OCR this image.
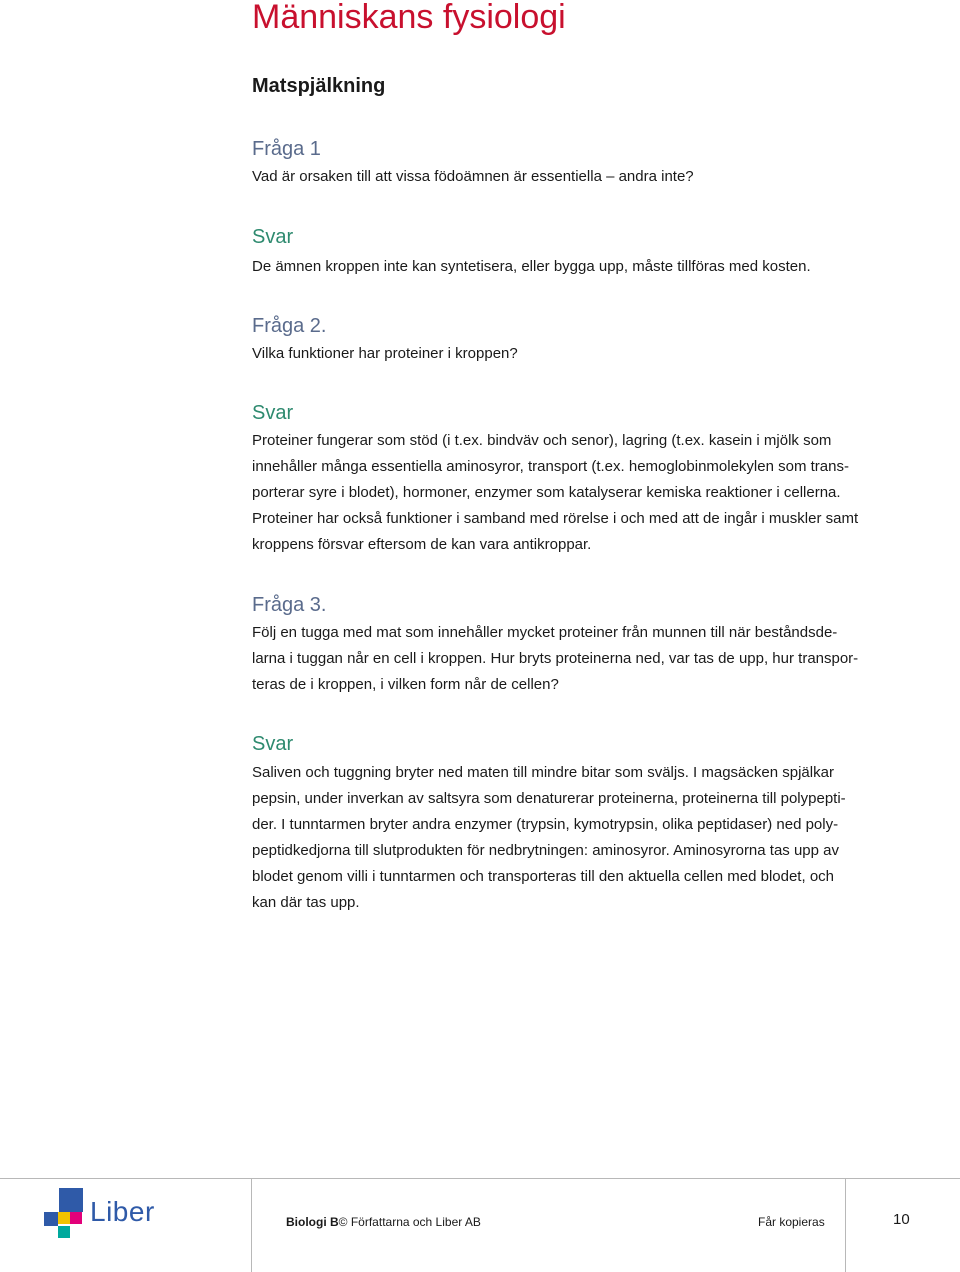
Människans fysiologi
Matspjälkning
Fråga 1

Vad är orsaken till att vissa födoämnen är essentiella – andra inte?

Svar

De ämnen kroppen inte kan syntetisera, eller bygga upp, måste tillföras med kosten.

Fråga 2.

Vilka funktioner har proteiner i kroppen?

Svar

Proteiner fungerar som stöd (i t.ex. bindväv och senor), lagring (t.ex. kasein i mjölk som
innehåller många essentiella aminosyror, transport (t.ex. hemoglobinmolekylen som trans-
porterar syre i blodet), hormoner, enzymer som katalyserar kemiska reaktioner i cellerna.
Proteiner har också funktioner i samband med rörelse i och med att de ingår i muskler samt
kroppens försvar eftersom de kan vara antikroppar.

Fråga 3.

Följ en tugga med mat som innehåller mycket proteiner från munnen till när beståndsde-
larna i tuggan når en cell i kroppen. Hur bryts proteinerna ned, var tas de upp, hur transpor-
teras de i kroppen, i vilken form når de cellen?

Svar

Saliven och tuggning bryter ned maten till mindre bitar som sväljs. I magsäcken spjälkar
pepsin, under inverkan av saltsyra som denaturerar proteinerna, proteinerna till polypepti-
der. I tunntarmen bryter andra enzymer (trypsin, kymotrypsin, olika peptidaser) ned poly-
peptidkedjorna till slutprodukten för nedbrytningen: aminosyror. Aminosyrorna tas upp av
blodet genom villi i tunntarmen och transporteras till den aktuella cellen med blodet, och
kan där tas upp.

Liber	Biologi B© Författarna och Liber AB	Får kopieras	10
